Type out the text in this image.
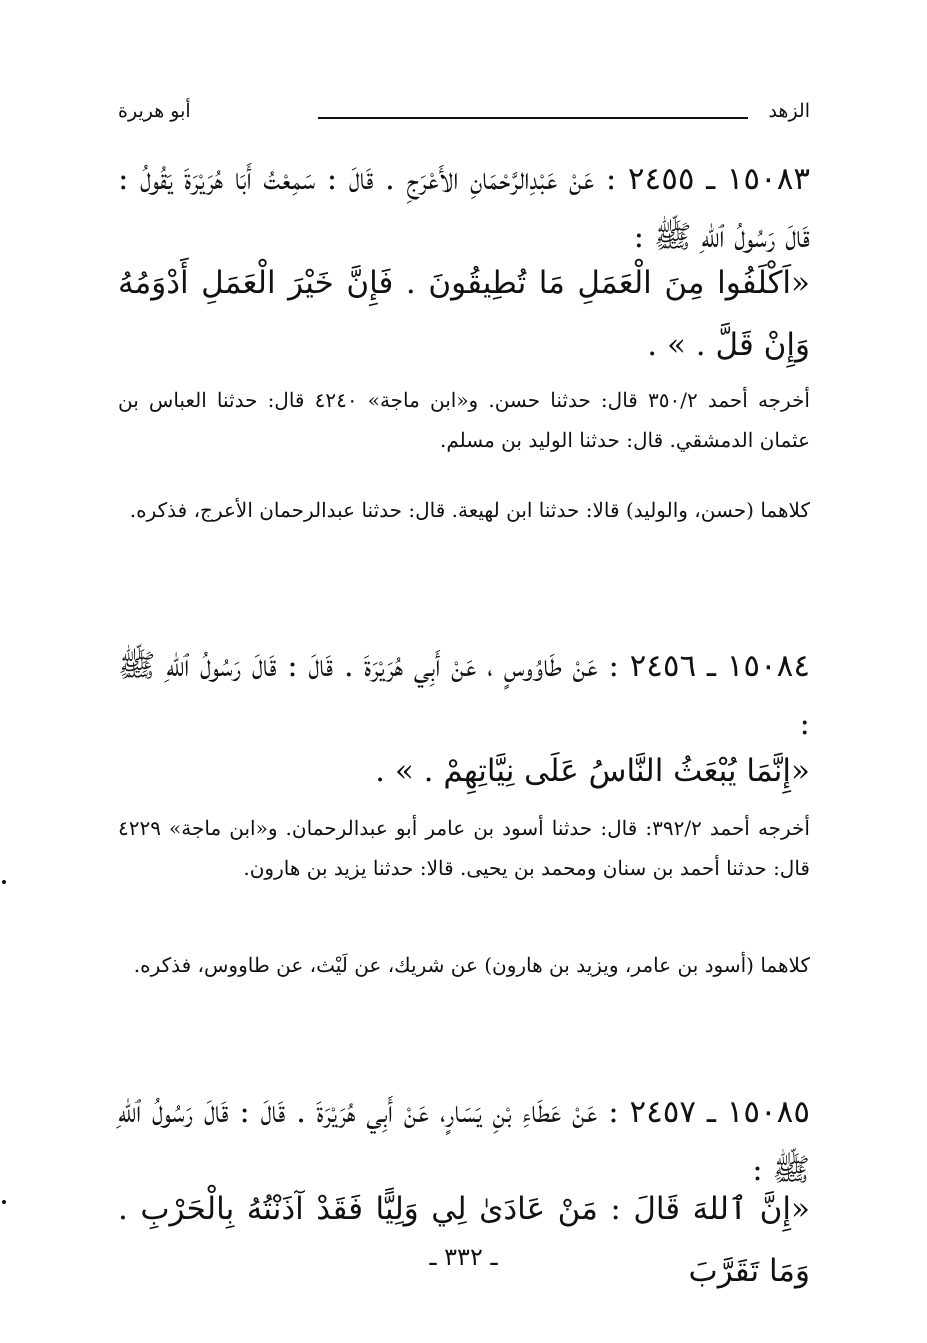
الزهد
أبو هريرة
١٥٠٨٣ ـ ٢٤٥٥ : عَنْ عَبْدِالرَّحْمَانِ الأَعْرَجِ . قَالَ : سَمِعْتُ أَبَا هُرَيْرَةَ يَقُولُ : قَالَ رَسُولُ ٱللهِ ﷺ :
«اَكْلَفُوا مِنَ الْعَمَلِ مَا تُطِيقُونَ . فَإِنَّ خَيْرَ الْعَمَلِ أَدْوَمُهُ وَإِنْ قَلَّ . » .
أخرجه أحمد ٣٥٠/٢ قال: حدثنا حسن. و«ابن ماجة» ٤٢٤٠ قال: حدثنا العباس بن عثمان الدمشقي. قال: حدثنا الوليد بن مسلم.
كلاهما (حسن، والوليد) قالا: حدثنا ابن لهيعة. قال: حدثنا عبدالرحمان الأعرج، فذكره.
١٥٠٨٤ ـ ٢٤٥٦ : عَنْ طَاوُوسٍ ، عَنْ أَبِي هُرَيْرَةَ . قَالَ : قَالَ رَسُولُ ٱللهِ ﷺ :
«إِنَّمَا يُبْعَثُ النَّاسُ عَلَى نِيَّاتِهِمْ . » .
أخرجه أحمد ٣٩٢/٢: قال: حدثنا أسود بن عامر أبو عبدالرحمان. و«ابن ماجة» ٤٢٢٩ قال: حدثنا أحمد بن سنان ومحمد بن يحيى. قالا: حدثنا يزيد بن هارون.
كلاهما (أسود بن عامر، ويزيد بن هارون) عن شريك، عن لَيْث، عن طاووس، فذكره.
١٥٠٨٥ ـ ٢٤٥٧ : عَنْ عَطَاءِ بْنِ يَسَارٍ، عَنْ أَبِي هُرَيْرَةَ . قَالَ : قَالَ رَسُولُ ٱللهِ ﷺ :
«إِنَّ ٱللهَ قَالَ : مَنْ عَادَىٰ لِي وَلِيًّا فَقَدْ آذَنْتُهُ بِالْحَرْبِ . وَمَا تَقَرَّبَ
ـ ٣٣٢ ـ
